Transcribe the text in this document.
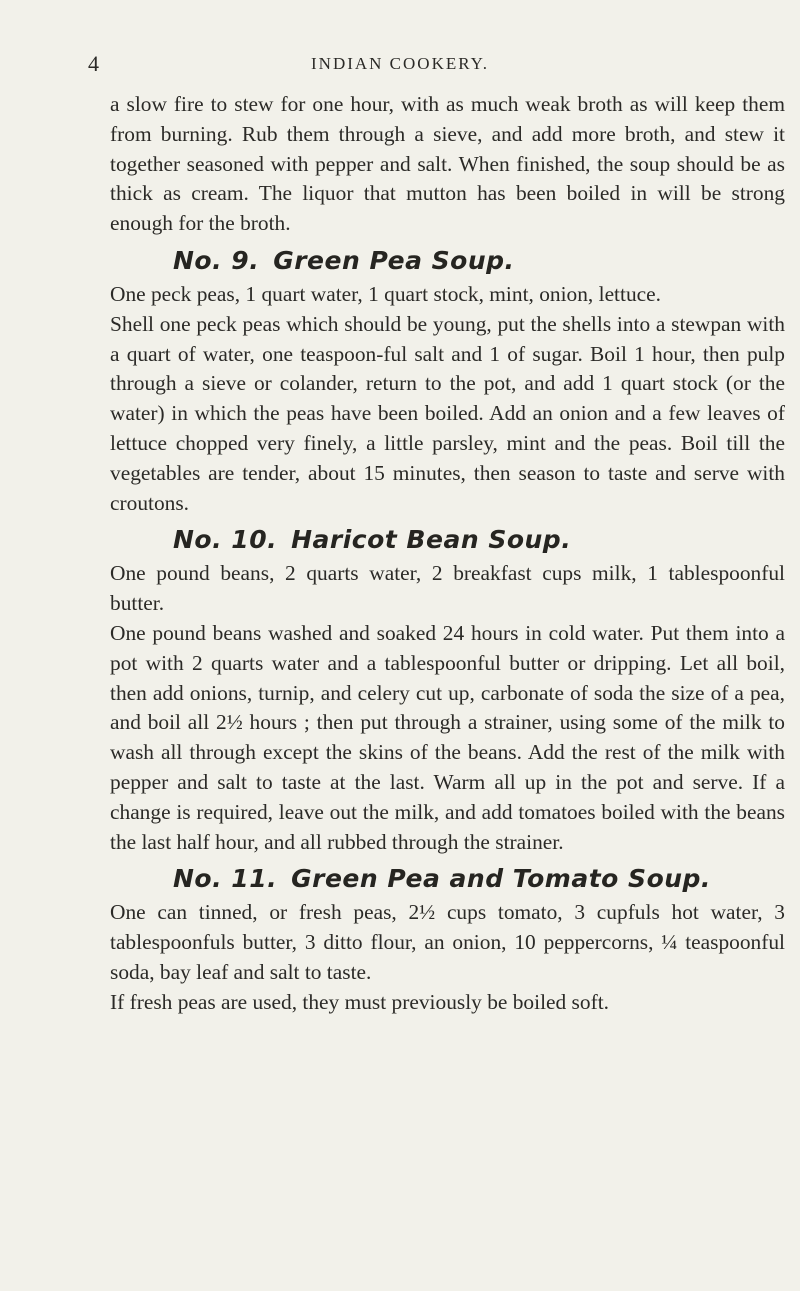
4	INDIAN COOKERY.

a slow fire to stew for one hour, with as much weak broth as will keep them from burning. Rub them through a sieve, and add more broth, and stew it together seasoned with pepper and salt. When finished, the soup should be as thick as cream. The liquor that mutton has been boiled in will be strong enough for the broth.

No. 9. Green Pea Soup.

One peck peas, 1 quart water, 1 quart stock, mint, onion, lettuce.

Shell one peck peas which should be young, put the shells into a stewpan with a quart of water, one teaspoon-ful salt and 1 of sugar. Boil 1 hour, then pulp through a sieve or colander, return to the pot, and add 1 quart stock (or the water) in which the peas have been boiled. Add an onion and a few leaves of lettuce chopped very finely, a little parsley, mint and the peas. Boil till the vegetables are tender, about 15 minutes, then season to taste and serve with croutons.

No. 10. Haricot Bean Soup.

One pound beans, 2 quarts water, 2 breakfast cups milk, 1 tablespoonful butter.

One pound beans washed and soaked 24 hours in cold water. Put them into a pot with 2 quarts water and a tablespoonful butter or dripping. Let all boil, then add onions, turnip, and celery cut up, carbonate of soda the size of a pea, and boil all 2½ hours ; then put through a strainer, using some of the milk to wash all through except the skins of the beans. Add the rest of the milk with pepper and salt to taste at the last. Warm all up in the pot and serve. If a change is required, leave out the milk, and add tomatoes boiled with the beans the last half hour, and all rubbed through the strainer.

No. 11. Green Pea and Tomato Soup.

One can tinned, or fresh peas, 2½ cups tomato, 3 cupfuls hot water, 3 tablespoonfuls butter, 3 ditto flour, an onion, 10 peppercorns, ¼ teaspoonful soda, bay leaf and salt to taste.

If fresh peas are used, they must previously be boiled soft.
